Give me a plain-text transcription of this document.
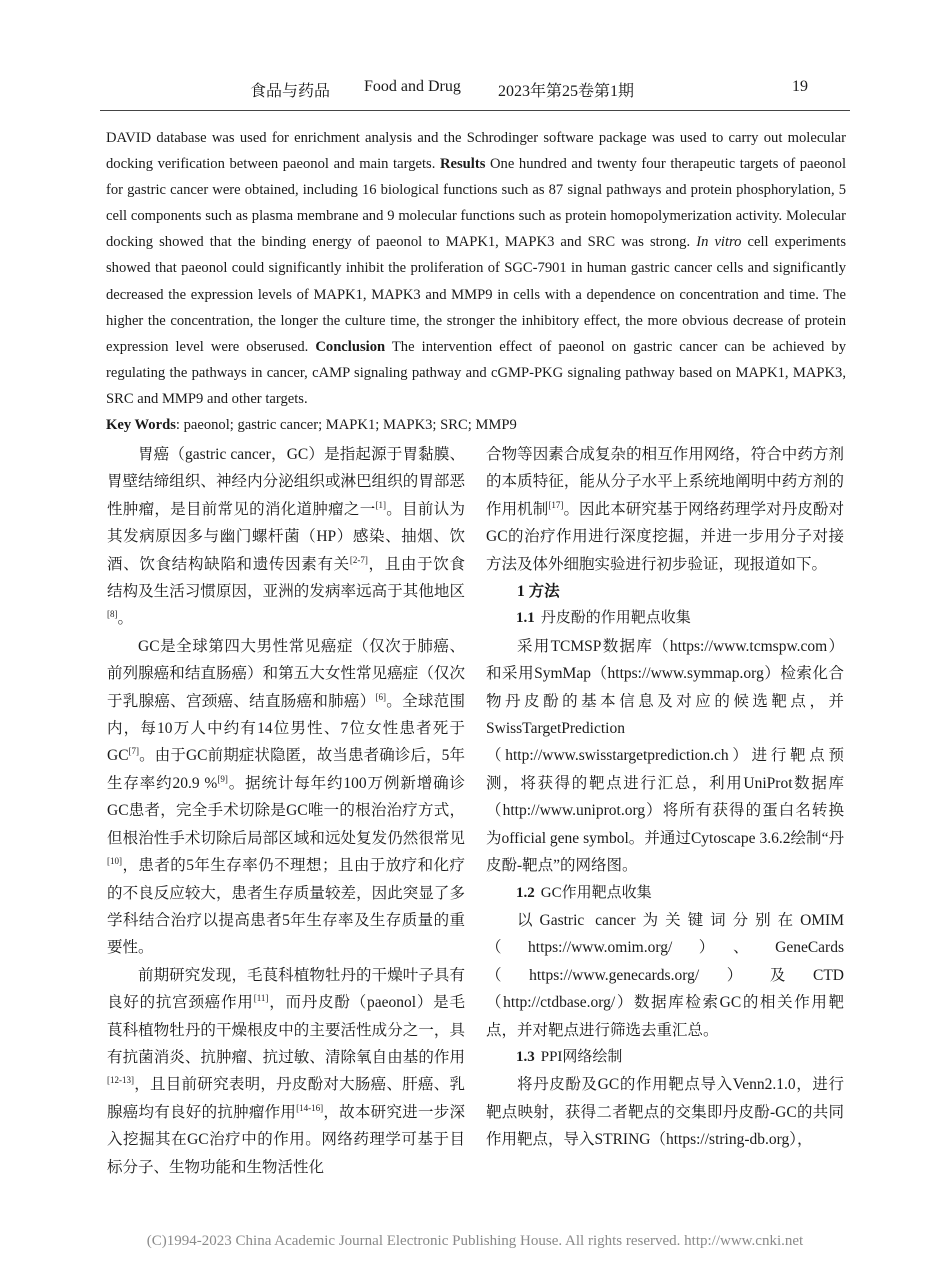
食品与药品 Food and Drug 2023年第25卷第1期	19

DAVID database was used for enrichment analysis and the Schrodinger software package was used to carry out molecular docking verification between paeonol and main targets. Results One hundred and twenty four therapeutic targets of paeonol for gastric cancer were obtained, including 16 biological functions such as 87 signal pathways and protein phosphorylation, 5 cell components such as plasma membrane and 9 molecular functions such as protein homopolymerization activity. Molecular docking showed that the binding energy of paeonol to MAPK1, MAPK3 and SRC was strong. In vitro cell experiments showed that paeonol could significantly inhibit the proliferation of SGC-7901 in human gastric cancer cells and significantly decreased the expression levels of MAPK1, MAPK3 and MMP9 in cells with a dependence on concentration and time. The higher the concentration, the longer the culture time, the stronger the inhibitory effect, the more obvious decrease of protein expression level were obserused. Conclusion The intervention effect of paeonol on gastric cancer can be achieved by regulating the pathways in cancer, cAMP signaling pathway and cGMP-PKG signaling pathway based on MAPK1, MAPK3, SRC and MMP9 and other targets.

Key Words: paeonol; gastric cancer; MAPK1; MAPK3; SRC; MMP9

胃癌（gastric cancer，GC）是指起源于胃黏膜、胃壁结缔组织、神经内分泌组织或淋巴组织的胃部恶性肿瘤，是目前常见的消化道肿瘤之一[1]。目前认为其发病原因多与幽门螺杆菌（HP）感染、抽烟、饮酒、饮食结构缺陷和遗传因素有关[2-7]，且由于饮食结构及生活习惯原因，亚洲的发病率远高于其他地区[8]。

GC是全球第四大男性常见癌症（仅次于肺癌、前列腺癌和结直肠癌）和第五大女性常见癌症（仅次于乳腺癌、宫颈癌、结直肠癌和肺癌）[6]。全球范围内，每10万人中约有14位男性、7位女性患者死于GC[7]。由于GC前期症状隐匿，故当患者确诊后，5年生存率约20.9 %[9]。据统计每年约100万例新增确诊GC患者，完全手术切除是GC唯一的根治治疗方式，但根治性手术切除后局部区域和远处复发仍然很常见[10]，患者的5年生存率仍不理想；且由于放疗和化疗的不良反应较大，患者生存质量较差，因此突显了多学科结合治疗以提高患者5年生存率及生存质量的重要性。

前期研究发现，毛茛科植物牡丹的干燥叶子具有良好的抗宫颈癌作用[11]，而丹皮酚（paeonol）是毛茛科植物牡丹的干燥根皮中的主要活性成分之一，具有抗菌消炎、抗肿瘤、抗过敏、清除氧自由基的作用[12-13]，且目前研究表明，丹皮酚对大肠癌、肝癌、乳腺癌均有良好的抗肿瘤作用[14-16]，故本研究进一步深入挖掘其在GC治疗中的作用。网络药理学可基于目标分子、生物功能和生物活性化

合物等因素合成复杂的相互作用网络，符合中药方剂的本质特征，能从分子水平上系统地阐明中药方剂的作用机制[17]。因此本研究基于网络药理学对丹皮酚对GC的治疗作用进行深度挖掘，并进一步用分子对接方法及体外细胞实验进行初步验证，现报道如下。

1 方法

1.1 丹皮酚的作用靶点收集

采用TCMSP数据库（https://www.tcmspw.com）和采用SymMap（https://www.symmap.org）检索化合物丹皮酚的基本信息及对应的候选靶点，并SwissTargetPrediction（http://www.swisstargetprediction.ch）进行靶点预测，将获得的靶点进行汇总，利用UniProt数据库（http://www.uniprot.org）将所有获得的蛋白名转换为official gene symbol。并通过Cytoscape 3.6.2绘制“丹皮酚-靶点”的网络图。

1.2 GC作用靶点收集

以Gastric cancer为关键词分别在OMIM（https://www.omim.org/）、GeneCards（https://www.genecards.org/）及CTD（http://ctdbase.org/）数据库检索GC的相关作用靶点，并对靶点进行筛选去重汇总。

1.3 PPI网络绘制

将丹皮酚及GC的作用靶点导入Venn2.1.0，进行靶点映射，获得二者靶点的交集即丹皮酚-GC的共同作用靶点，导入STRING（https://string-db.org），

(C)1994-2023 China Academic Journal Electronic Publishing House. All rights reserved. http://www.cnki.net
